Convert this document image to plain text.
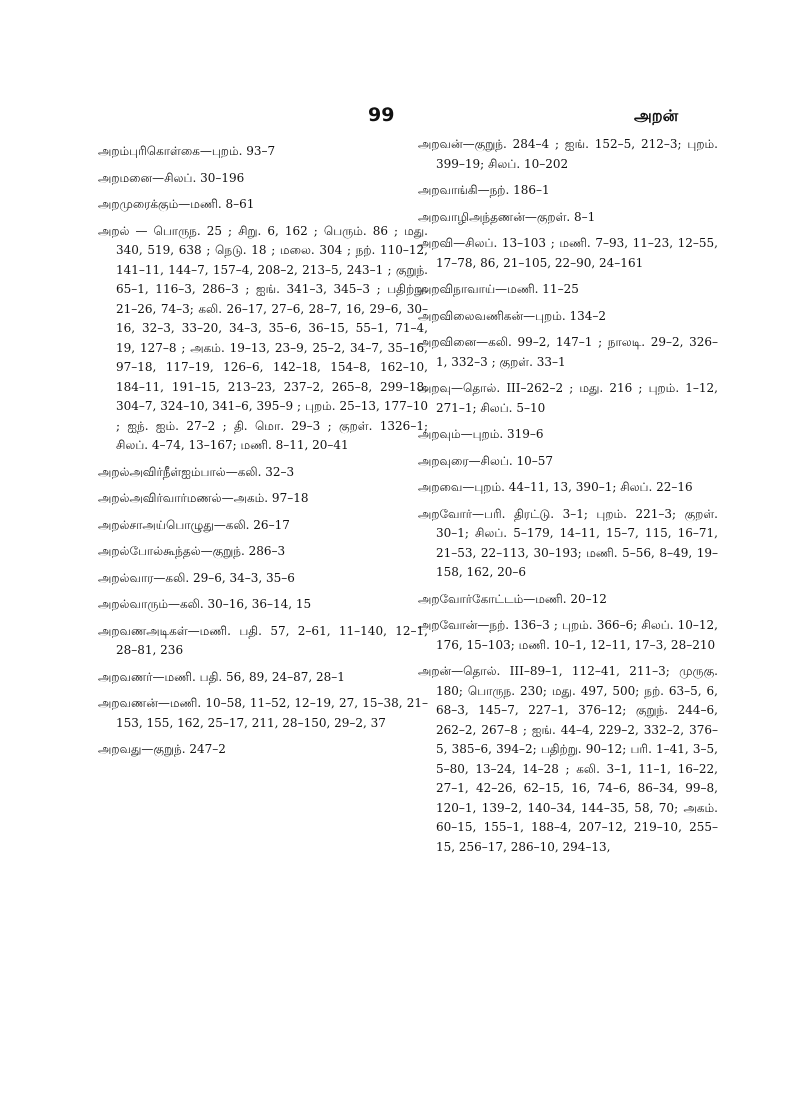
99	அறன்

அறம்புரிகொள்கை—புறம். 93–7

அறமனை—சிலப். 30–196

அறமுரைக்கும்—மணி. 8–61

அறல் — பொருந. 25 ; சிறு. 6, 162 ; பெரும். 86 ; மது. 340, 519, 638 ; நெடு. 18 ; மலை. 304 ; நற். 110–12, 141–11, 144–7, 157–4, 208–2, 213–5, 243–1 ; குறுந். 65–1, 116–3, 286–3 ; ஐங். 341–3, 345–3 ; பதிற்று. 21–26, 74–3; கலி. 26–17, 27–6, 28–7, 16, 29–6, 30–16, 32–3, 33–20, 34–3, 35–6, 36–15, 55–1, 71–4, 19, 127–8 ; அகம். 19–13, 23–9, 25–2, 34–7, 35–16, 97–18, 117–19, 126–6, 142–18, 154–8, 162–10, 184–11, 191–15, 213–23, 237–2, 265–8, 299–18, 304–7, 324–10, 341–6, 395–9 ; புறம். 25–13, 177–10 ; ஐந். ஐம். 27–2 ; தி. மொ. 29–3 ; குறள். 1326–1; சிலப். 4–74, 13–167; மணி. 8–11, 20–41

அறல்அவிர்நீள்ஐம்பால்—கலி. 32–3

அறல்அவிர்வார்மணல்—அகம். 97–18

அறல்சாஅய்பொழுது—கலி. 26–17

அறல்போல்கூந்தல்—குறுந். 286–3

அறல்வார—கலி. 29–6, 34–3, 35–6

அறல்வாரும்—கலி. 30–16, 36–14, 15

அறவணஅடிகள்—மணி. பதி. 57, 2–61, 11–140, 12–1, 28–81, 236

அறவணர்—மணி. பதி. 56, 89, 24–87, 28–1

அறவணன்—மணி. 10–58, 11–52, 12–19, 27, 15–38, 21–153, 155, 162, 25–17, 211, 28–150, 29–2, 37

அறவது—குறுந். 247–2

அறவன்—குறுந். 284–4 ; ஐங். 152–5, 212–3; புறம். 399–19; சிலப். 10–202

அறவாங்கி—நற். 186–1

அறவாழிஅந்தணன்—குறள். 8–1

அறவி—சிலப். 13–103 ; மணி. 7–93, 11–23, 12–55, 17–78, 86, 21–105, 22–90, 24–161

அறவிநாவாய்—மணி. 11–25

அறவிலைவணிகன்—புறம். 134–2

அறவினை—கலி. 99–2, 147–1 ; நாலடி. 29–2, 326–1, 332–3 ; குறள். 33–1

அறவு—தொல். III–262–2 ; மது. 216 ; புறம். 1–12, 271–1; சிலப். 5–10

அறவும்—புறம். 319–6

அறவுரை—சிலப். 10–57

அறவை—புறம். 44–11, 13, 390–1; சிலப். 22–16

அறவோர்—பரி. திரட்டு. 3–1; புறம். 221–3; குறள். 30–1; சிலப். 5–179, 14–11, 15–7, 115, 16–71, 21–53, 22–113, 30–193; மணி. 5–56, 8–49, 19–158, 162, 20–6

அறவோர்கோட்டம்—மணி. 20–12

அறவோன்—நற். 136–3 ; புறம். 366–6; சிலப். 10–12, 176, 15–103; மணி. 10–1, 12–11, 17–3, 28–210

அறன்—தொல். III–89–1, 112–41, 211–3; முருகு. 180; பொருந. 230; மது. 497, 500; நற். 63–5, 6, 68–3, 145–7, 227–1, 376–12; குறுந். 244–6, 262–2, 267–8 ; ஐங். 44–4, 229–2, 332–2, 376–5, 385–6, 394–2; பதிற்று. 90–12; பரி. 1–41, 3–5, 5–80, 13–24, 14–28 ; கலி. 3–1, 11–1, 16–22, 27–1, 42–26, 62–15, 16, 74–6, 86–34, 99–8, 120–1, 139–2, 140–34, 144–35, 58, 70; அகம். 60–15, 155–1, 188–4, 207–12, 219–10, 255–15, 256–17, 286–10, 294–13,
